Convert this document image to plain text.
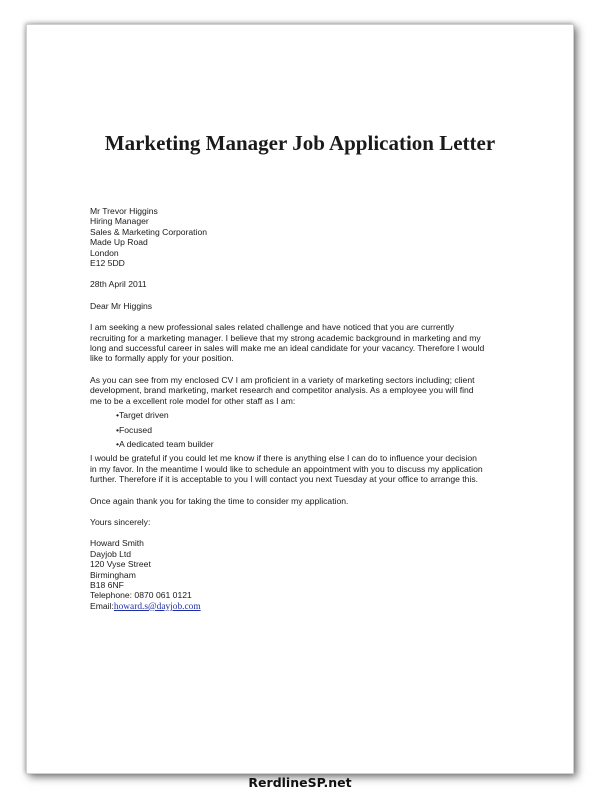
Marketing Manager Job Application Letter
Mr Trevor Higgins
Hiring Manager
Sales & Marketing Corporation
Made Up Road
London
E12 5DD
28th April 2011
Dear Mr Higgins
I am seeking a new professional sales related challenge and have noticed that you are currently
recruiting for a marketing manager. I believe that my strong academic background in marketing and my
long and successful career in sales will make me an ideal candidate for your vacancy. Therefore I would
like to formally apply for your position.
As you can see from my enclosed CV I am proficient in a variety of marketing sectors including; client
development, brand marketing, market research and competitor analysis. As a employee you will find
me to be a excellent role model for other staff as I am:
•Target driven
•Focused
•A dedicated team builder
I would be grateful if you could let me know if there is anything else I can do to influence your decision
in my favor. In the meantime I would like to schedule an appointment with you to discuss my application
further. Therefore if it is acceptable to you I will contact you next Tuesday at your office to arrange this.
Once again thank you for taking the time to consider my application.
Yours sincerely:
Howard Smith
Dayjob Ltd
120 Vyse Street
Birmingham
B18 6NF
Telephone: 0870 061 0121
Email:howard.s@dayjob.com
RerdlineSP.net
